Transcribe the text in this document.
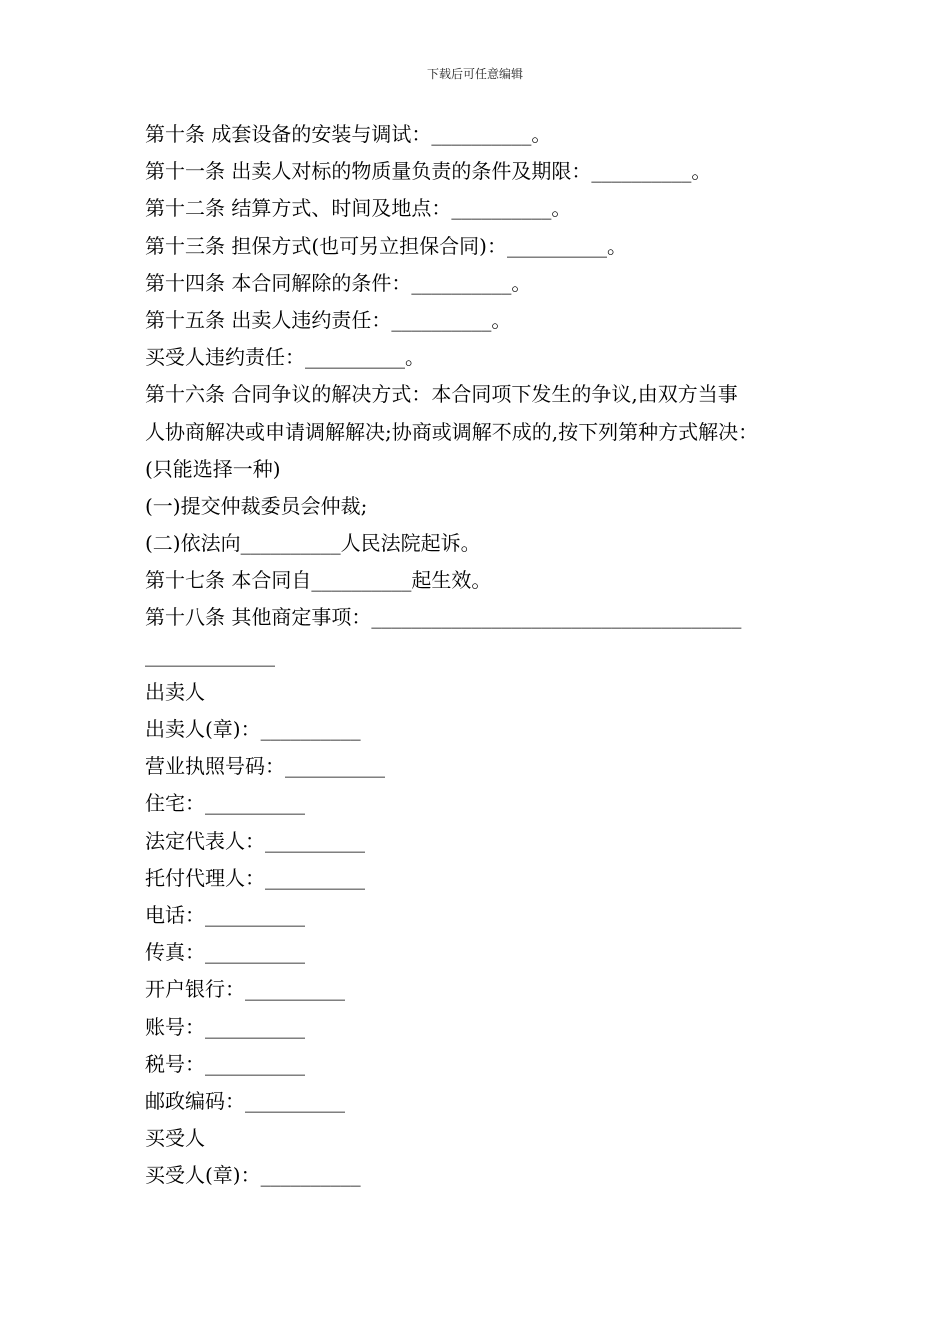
下载后可任意编辑
第十条 成套设备的安装与调试：__________。
第十一条 出卖人对标的物质量负责的条件及期限：__________。
第十二条 结算方式、时间及地点：__________。
第十三条 担保方式(也可另立担保合同)：__________。
第十四条 本合同解除的条件：__________。
第十五条 出卖人违约责任：__________。
买受人违约责任：__________。
第十六条 合同争议的解决方式：本合同项下发生的争议,由双方当事
人协商解决或申请调解解决;协商或调解不成的,按下列第种方式解决：
(只能选择一种)
(一)提交仲裁委员会仲裁;
(二)依法向__________人民法院起诉。
第十七条 本合同自__________起生效。
第十八条 其他商定事项：_____________________________________
_____________
出卖人
出卖人(章)：__________
营业执照号码：__________
住宅：__________
法定代表人：__________
托付代理人：__________
电话：__________
传真：__________
开户银行：__________
账号：__________
税号：__________
邮政编码：__________
买受人
买受人(章)：__________
